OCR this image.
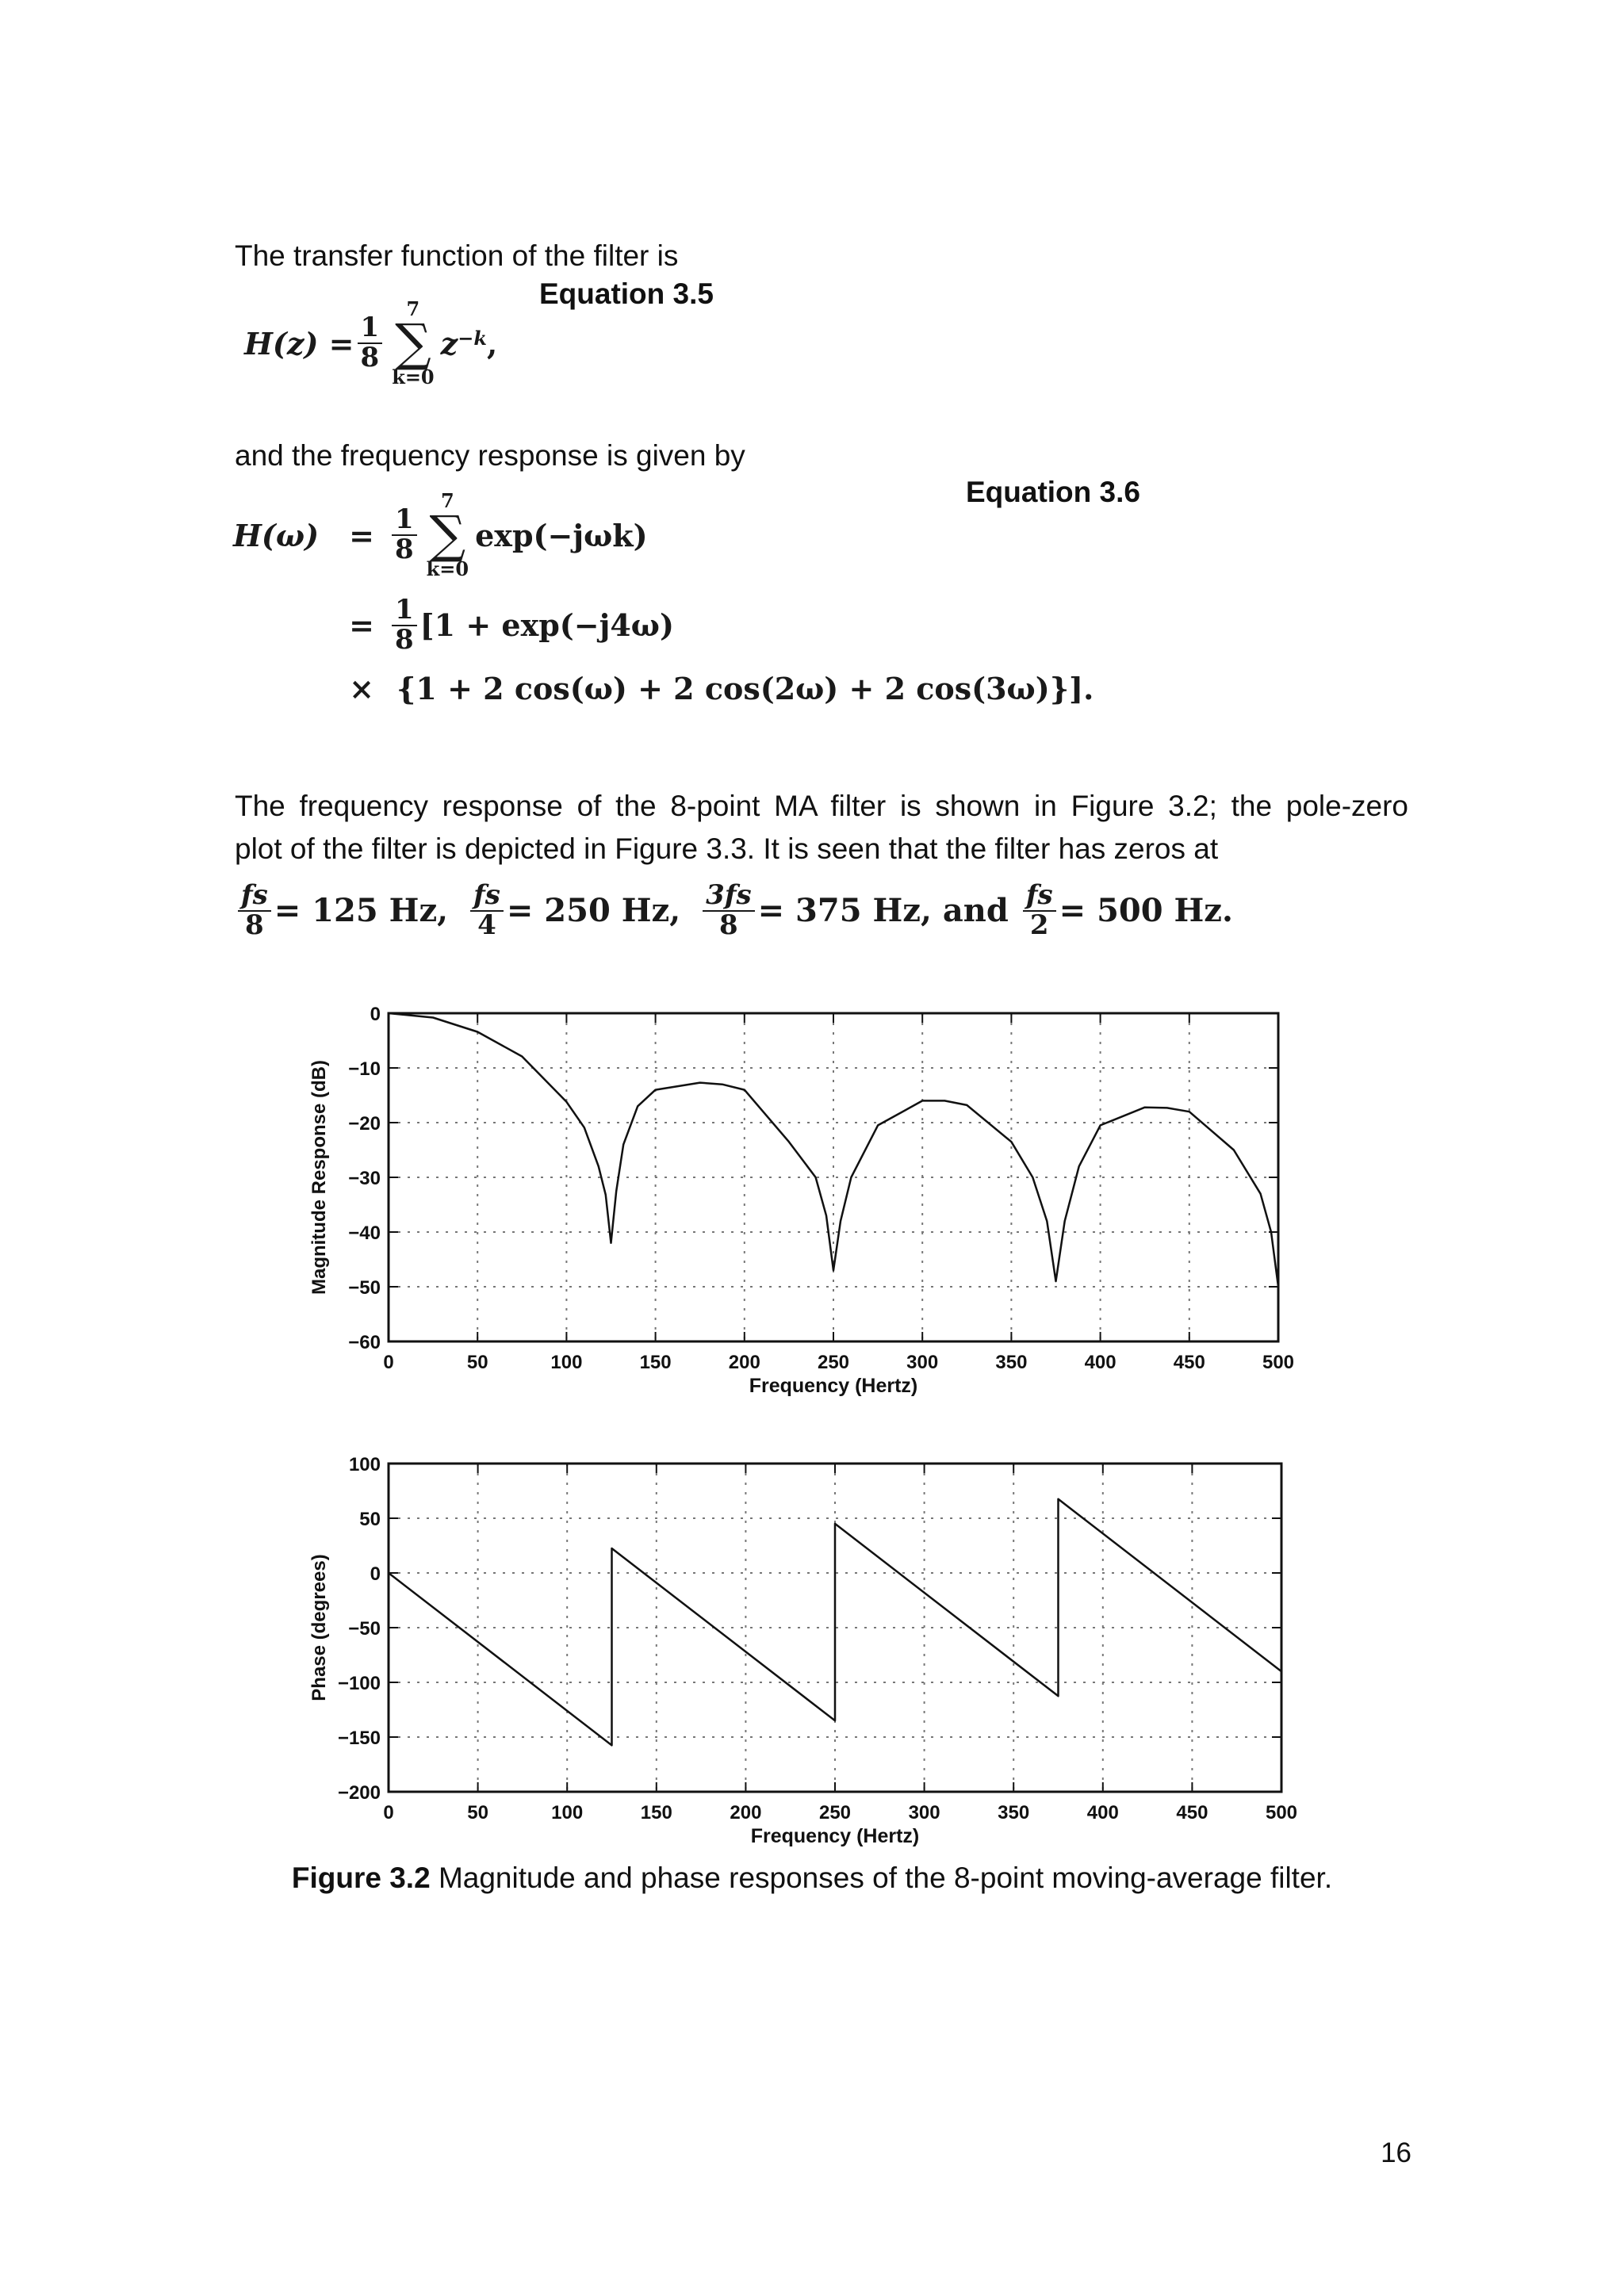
The transfer function of the filter is

Equation 3.5
$H(z) = \frac{1}{8}$
7
∑
k=0
z −k ,

and the frequency response is given by

Equation 3.6
H(ω)	= $\frac{1}{8}$
7
∑
k=0
exp(−jωk)
= $\frac{1}{8} [1 + \exp(-j4\omega)$
× {1 + 2 cos(ω) + 2 cos(2ω) + 2 cos(3ω)}].

The frequency response of the 8-point MA filter is shown in Figure 3.2; the pole-zero

plot of the filter is depicted in Figure 3.3. It is seen that the filter has zeros at

$\frac{fs}{8} = 125$ Hz, $\frac{fs}{4} = 250$ Hz, $\frac{3fs}{8} = 375$ Hz, and $\frac{fs}{2} = 500$ Hz.
0	50	100	150	200	250	300	350	400	450	500
0
−10
−20
−30
−40
−50
−60
Frequency (Hertz)
Magnitude Response (dB)
0	50	100	150	200	250	300	350	400	450	500
100
50
0
−50
−100
−150
−200
Frequency (Hertz)
Phase (degrees)
Figure 3.2 Magnitude and phase responses of the 8-point moving-average filter.
16
